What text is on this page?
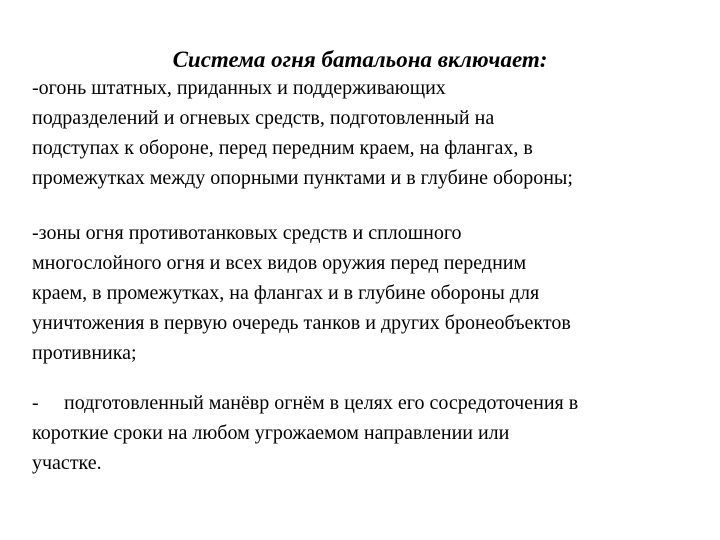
Система огня батальона включает:
-огонь штатных, приданных и поддерживающих
подразделений и огневых средств, подготовленный на
подступах к обороне, перед передним краем, на флангах, в
промежутках между опорными пунктами и в глубине обороны;
-зоны огня противотанковых средств и сплошного
многослойного огня и всех видов оружия перед передним
краем, в промежутках, на флангах и в глубине обороны для
уничтожения в первую очередь танков и других бронеобъектов
противника;
- подготовленный манёвр огнём в целях его сосредоточения в
короткие сроки на любом угрожаемом направлении или
участке.
